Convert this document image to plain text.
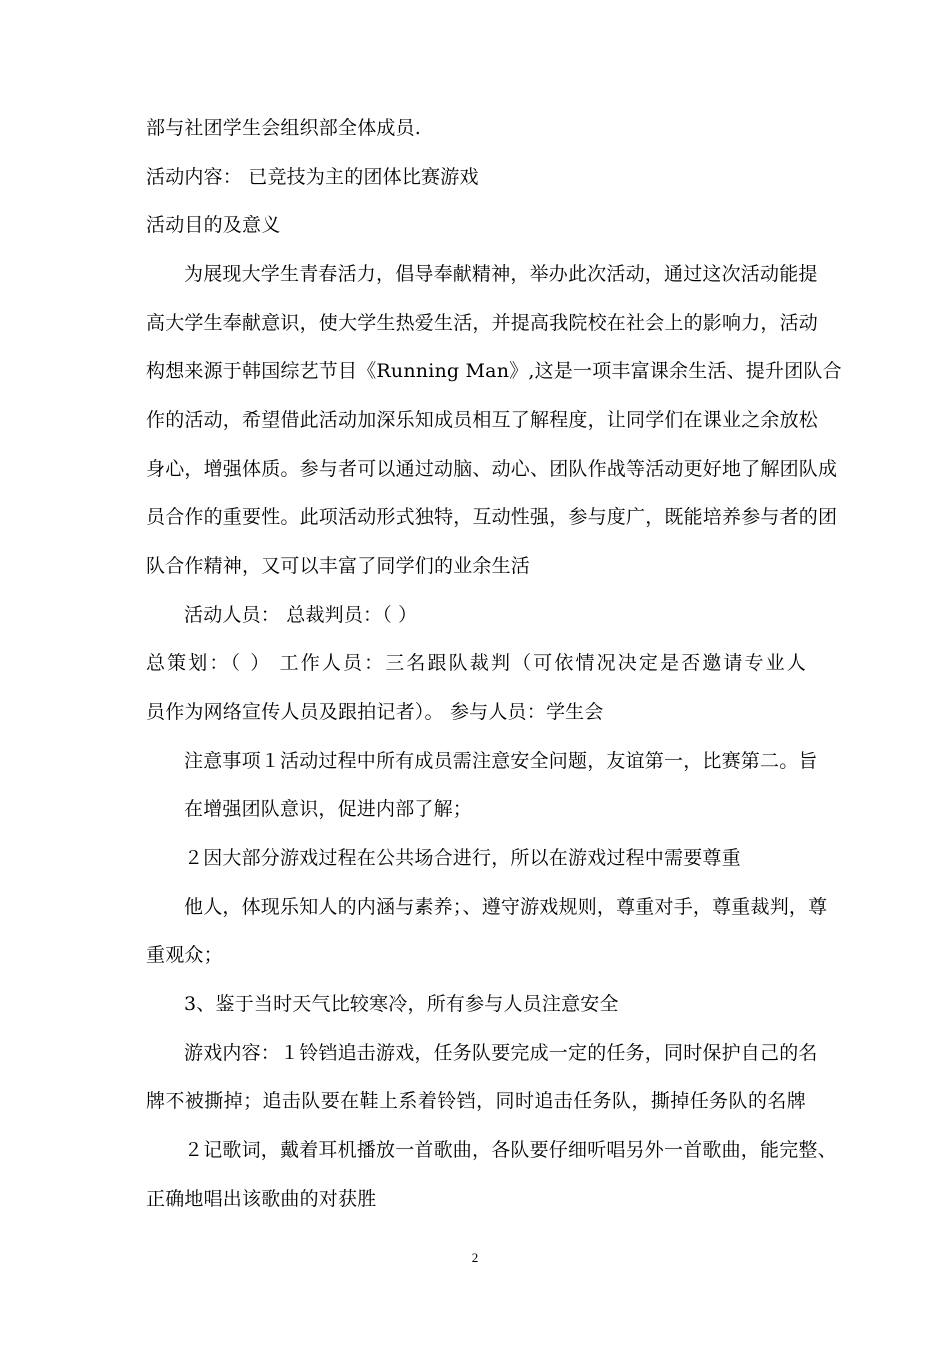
部与社团学生会组织部全体成员.
活动内容： 已竞技为主的团体比赛游戏
活动目的及意义
为展现大学生青春活力，倡导奉献精神，举办此次活动，通过这次活动能提
高大学生奉献意识，使大学生热爱生活，并提高我院校在社会上的影响力，活动
构想来源于韩国综艺节目《Running Man》,这是一项丰富课余生活、提升团队合
作的活动，希望借此活动加深乐知成员相互了解程度，让同学们在课业之余放松
身心，增强体质。参与者可以通过动脑、动心、团队作战等活动更好地了解团队成
员合作的重要性。此项活动形式独特，互动性强，参与度广，既能培养参与者的团
队合作精神，又可以丰富了同学们的业余生活
活动人员： 总裁判员：（ ）
总策划：（ ） 工作人员：三名跟队裁判（可依情况决定是否邀请专业人
员作为网络宣传人员及跟拍记者）。 参与人员：学生会
注意事项１活动过程中所有成员需注意安全问题，友谊第一，比赛第二。旨
在增强团队意识，促进内部了解；
２因大部分游戏过程在公共场合进行，所以在游戏过程中需要尊重
他人，体现乐知人的内涵与素养；、遵守游戏规则，尊重对手，尊重裁判，尊
重观众；
3、鉴于当时天气比较寒冷，所有参与人员注意安全
游戏内容：１铃铛追击游戏，任务队要完成一定的任务，同时保护自己的名
牌不被撕掉；追击队要在鞋上系着铃铛，同时追击任务队，撕掉任务队的名牌
２记歌词，戴着耳机播放一首歌曲，各队要仔细听唱另外一首歌曲，能完整、
正确地唱出该歌曲的对获胜
2
